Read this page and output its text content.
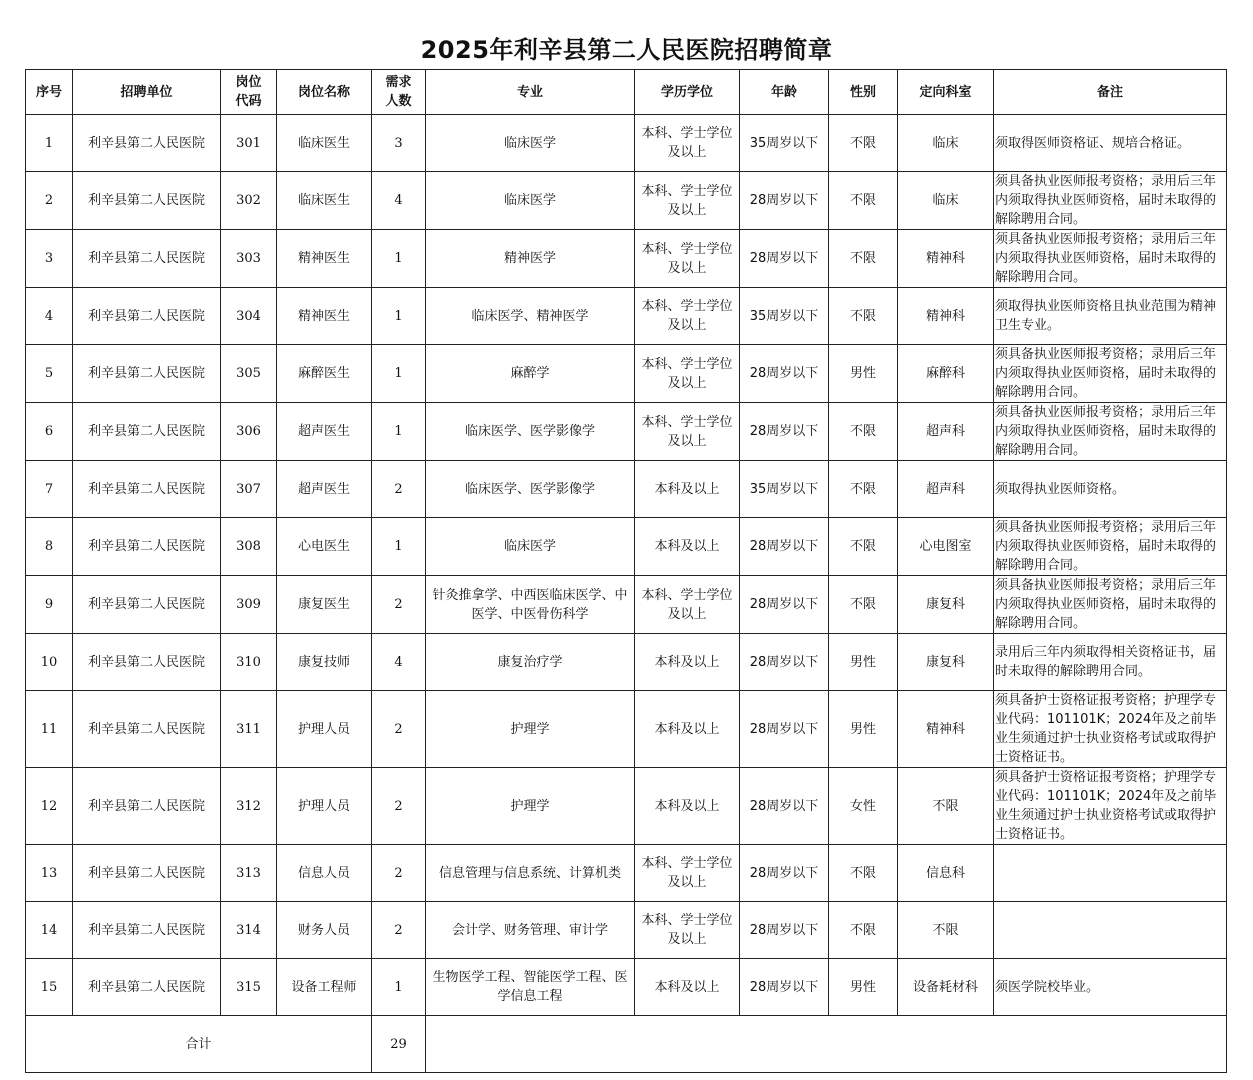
2025年利辛县第二人民医院招聘简章
序号	招聘单位	岗位代码	岗位名称	需求人数	专业	学历学位	年龄	性别	定向科室	备注
1	利辛县第二人民医院	301	临床医生	3	临床医学	本科、学士学位及以上	35周岁以下	不限	临床	须取得医师资格证、规培合格证。
2	利辛县第二人民医院	302	临床医生	4	临床医学	本科、学士学位及以上	28周岁以下	不限	临床	须具备执业医师报考资格；录用后三年内须取得执业医师资格，届时未取得的解除聘用合同。
3	利辛县第二人民医院	303	精神医生	1	精神医学	本科、学士学位及以上	28周岁以下	不限	精神科	须具备执业医师报考资格；录用后三年内须取得执业医师资格，届时未取得的解除聘用合同。
4	利辛县第二人民医院	304	精神医生	1	临床医学、精神医学	本科、学士学位及以上	35周岁以下	不限	精神科	须取得执业医师资格且执业范围为精神卫生专业。
5	利辛县第二人民医院	305	麻醉医生	1	麻醉学	本科、学士学位及以上	28周岁以下	男性	麻醉科	须具备执业医师报考资格；录用后三年内须取得执业医师资格，届时未取得的解除聘用合同。
6	利辛县第二人民医院	306	超声医生	1	临床医学、医学影像学	本科、学士学位及以上	28周岁以下	不限	超声科	须具备执业医师报考资格；录用后三年内须取得执业医师资格，届时未取得的解除聘用合同。
7	利辛县第二人民医院	307	超声医生	2	临床医学、医学影像学	本科及以上	35周岁以下	不限	超声科	须取得执业医师资格。
8	利辛县第二人民医院	308	心电医生	1	临床医学	本科及以上	28周岁以下	不限	心电图室	须具备执业医师报考资格；录用后三年内须取得执业医师资格，届时未取得的解除聘用合同。
9	利辛县第二人民医院	309	康复医生	2	针灸推拿学、中西医临床医学、中医学、中医骨伤科学	本科、学士学位及以上	28周岁以下	不限	康复科	须具备执业医师报考资格；录用后三年内须取得执业医师资格，届时未取得的解除聘用合同。
10	利辛县第二人民医院	310	康复技师	4	康复治疗学	本科及以上	28周岁以下	男性	康复科	录用后三年内须取得相关资格证书，届时未取得的解除聘用合同。
11	利辛县第二人民医院	311	护理人员	2	护理学	本科及以上	28周岁以下	男性	精神科	须具备护士资格证报考资格；护理学专业代码：101101K；2024年及之前毕业生须通过护士执业资格考试或取得护士资格证书。
12	利辛县第二人民医院	312	护理人员	2	护理学	本科及以上	28周岁以下	女性	不限	须具备护士资格证报考资格；护理学专业代码：101101K；2024年及之前毕业生须通过护士执业资格考试或取得护士资格证书。
13	利辛县第二人民医院	313	信息人员	2	信息管理与信息系统、计算机类	本科、学士学位及以上	28周岁以下	不限	信息科	
14	利辛县第二人民医院	314	财务人员	2	会计学、财务管理、审计学	本科、学士学位及以上	28周岁以下	不限	不限	
15	利辛县第二人民医院	315	设备工程师	1	生物医学工程、智能医学工程、医学信息工程	本科及以上	28周岁以下	男性	设备耗材科	须医学院校毕业。
合计				29						
